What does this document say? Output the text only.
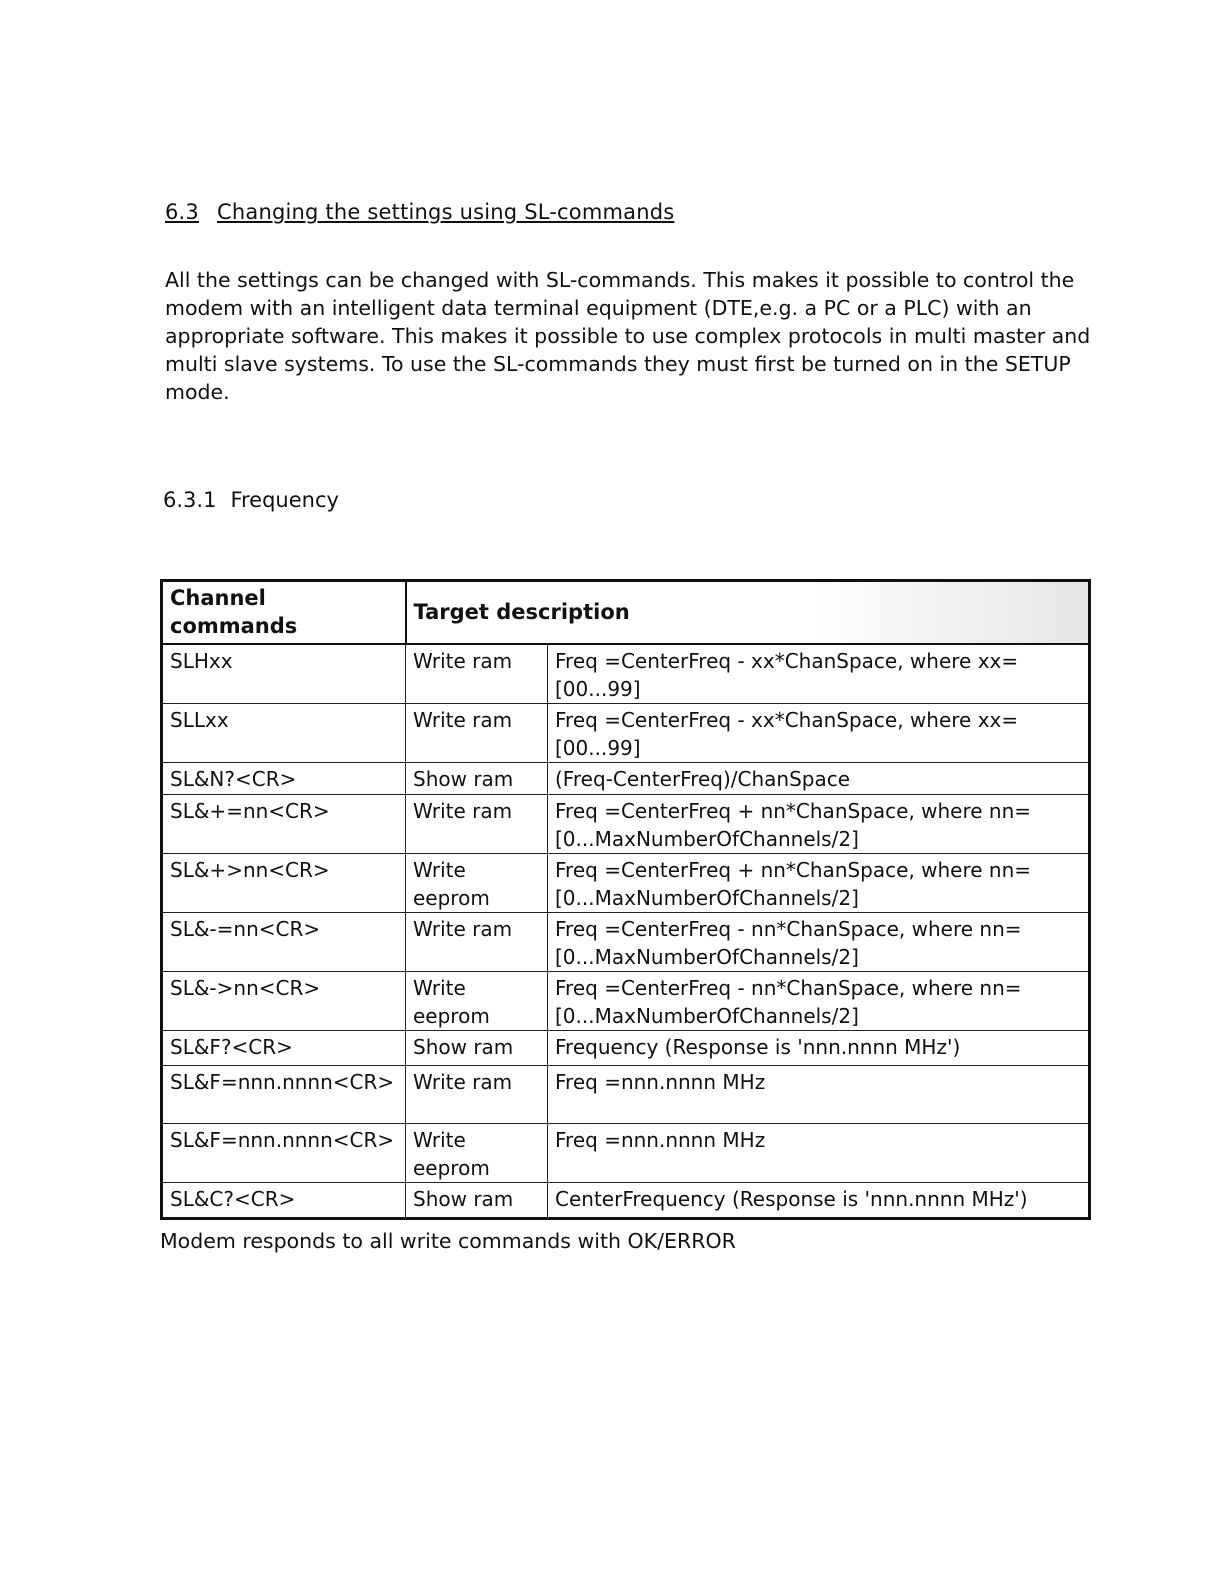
6.3 Changing the settings using SL-commands

All the settings can be changed with SL-commands. This makes it possible to control the modem with an intelligent data terminal equipment (DTE,e.g. a PC or a PLC) with an appropriate software. This makes it possible to use complex protocols in multi master and multi slave systems. To use the SL-commands they must first be turned on in the SETUP mode.

6.3.1 Frequency
Channel commands	Target description	
SLHxx	Write ram	Freq =CenterFreq - xx*ChanSpace, where xx=[00...99]
SLLxx	Write ram	Freq =CenterFreq - xx*ChanSpace, where xx=[00...99]
SL&N?<CR>	Show ram	(Freq-CenterFreq)/ChanSpace
SL&+=nn<CR>	Write ram	Freq =CenterFreq + nn*ChanSpace, where nn=[0...MaxNumberOfChannels/2]
SL&+>nn<CR>	Write eeprom	Freq =CenterFreq + nn*ChanSpace, where nn=[0...MaxNumberOfChannels/2]
SL&-=nn<CR>	Write ram	Freq =CenterFreq - nn*ChanSpace, where nn=[0...MaxNumberOfChannels/2]
SL&->nn<CR>	Write eeprom	Freq =CenterFreq - nn*ChanSpace, where nn=[0...MaxNumberOfChannels/2]
SL&F?<CR>	Show ram	Frequency (Response is 'nnn.nnnn MHz')
SL&F=nnn.nnnn<CR>	Write ram	Freq =nnn.nnnn MHz
SL&F=nnn.nnnn<CR>	Write eeprom	Freq =nnn.nnnn MHz
SL&C?<CR>	Show ram	CenterFrequency (Response is 'nnn.nnnn MHz')
Modem responds to all write commands with OK/ERROR
